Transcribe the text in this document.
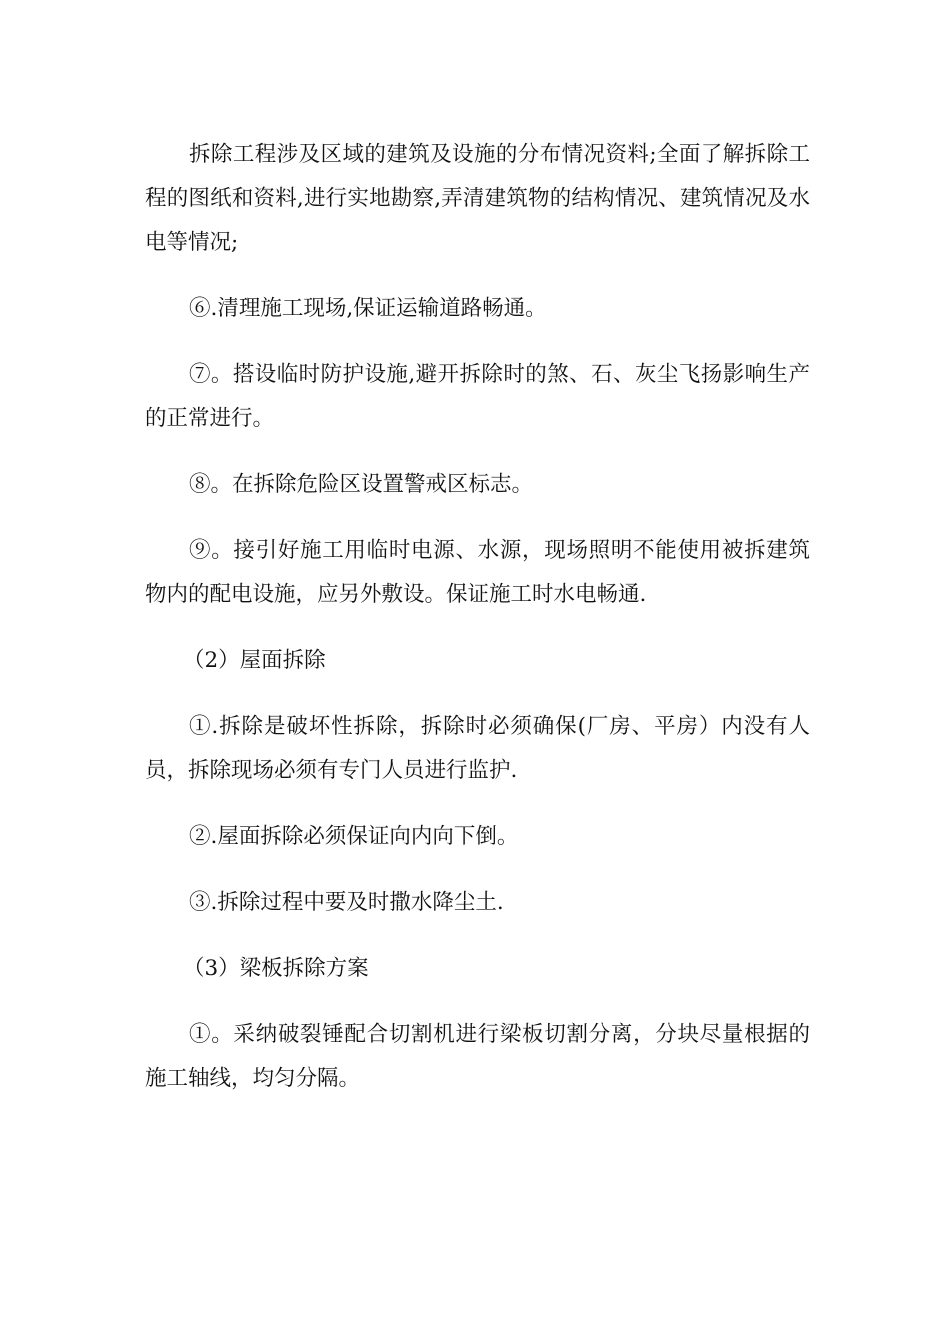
拆除工程涉及区域的建筑及设施的分布情况资料;全面了解拆除工程的图纸和资料,进行实地勘察,弄清建筑物的结构情况、建筑情况及水电等情况;

⑥.清理施工现场,保证运输道路畅通。

⑦。搭设临时防护设施,避开拆除时的煞、石、灰尘飞扬影响生产的正常进行。

⑧。在拆除危险区设置警戒区标志。

⑨。接引好施工用临时电源、水源，现场照明不能使用被拆建筑物内的配电设施，应另外敷设。保证施工时水电畅通.

（2）屋面拆除

①.拆除是破坏性拆除，拆除时必须确保(厂房、平房）内没有人员，拆除现场必须有专门人员进行监护.

②.屋面拆除必须保证向内向下倒。

③.拆除过程中要及时撒水降尘土.

（3）梁板拆除方案

①。采纳破裂锤配合切割机进行梁板切割分离，分块尽量根据的施工轴线，均匀分隔。
